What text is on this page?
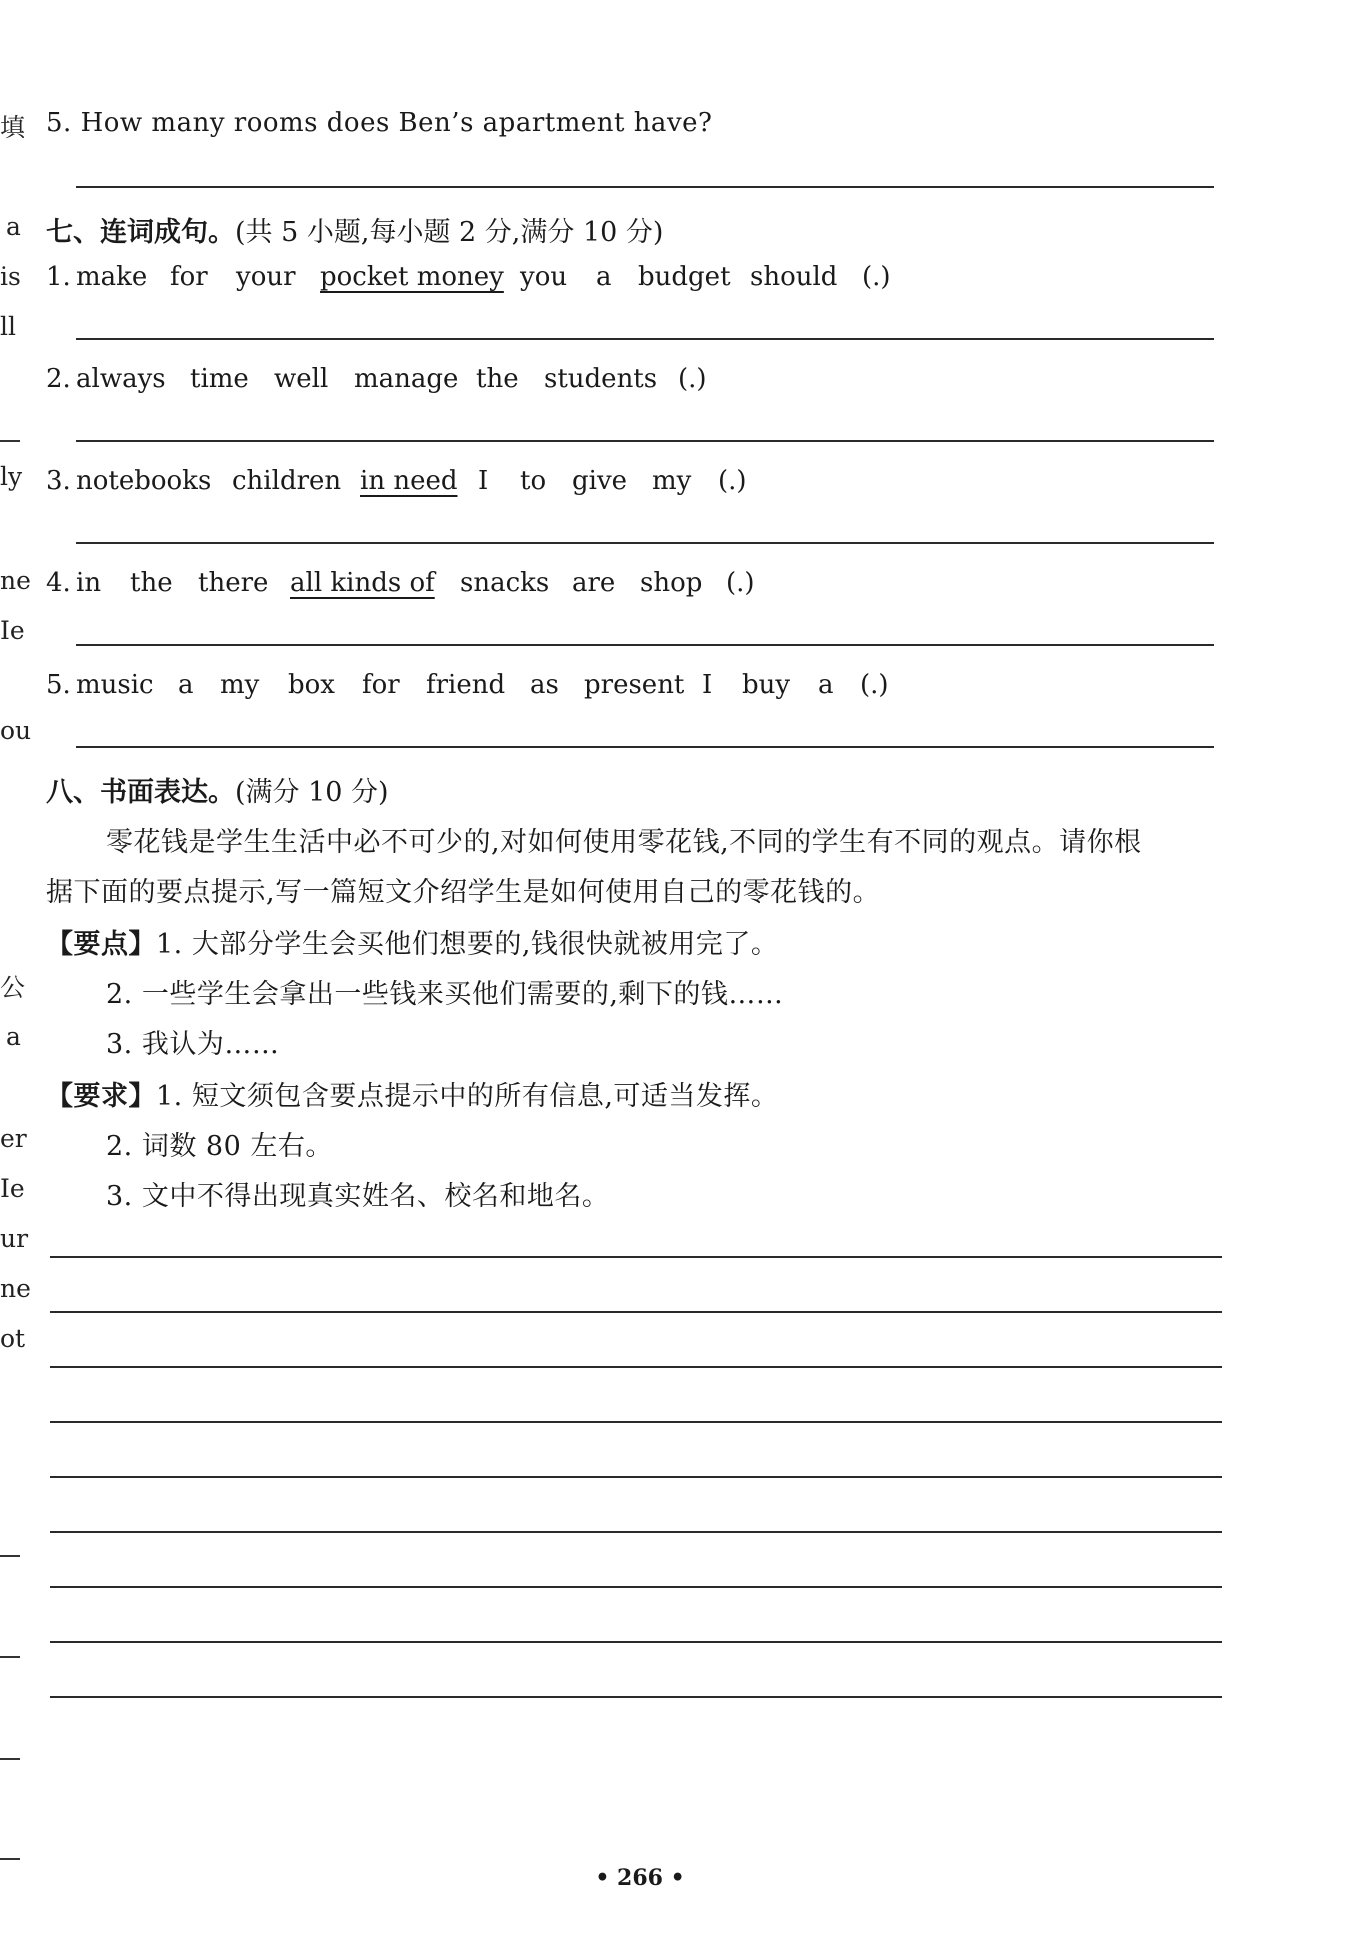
填
a
is
ll
ly
ne
Ie
ou
公
a
er
Ie
ur
ne
ot
5. How many rooms does Ben’s apartment have?
七、连词成句。(共 5 小题,每小题 2 分,满分 10 分)
1. make for your pocket money you a budget should (.)
2. always time well manage the students (.)
3. notebooks children in need I to give my (.)
4. in the there all kinds of snacks are shop (.)
5. music a my box for friend as present I buy a (.)
八、书面表达。(满分 10 分)
零花钱是学生生活中必不可少的,对如何使用零花钱,不同的学生有不同的观点。请你根
据下面的要点提示,写一篇短文介绍学生是如何使用自己的零花钱的。
【要点】1. 大部分学生会买他们想要的,钱很快就被用完了。
2. 一些学生会拿出一些钱来买他们需要的,剩下的钱……
3. 我认为……
【要求】1. 短文须包含要点提示中的所有信息,可适当发挥。
2. 词数 80 左右。
3. 文中不得出现真实姓名、校名和地名。
• 266 •
